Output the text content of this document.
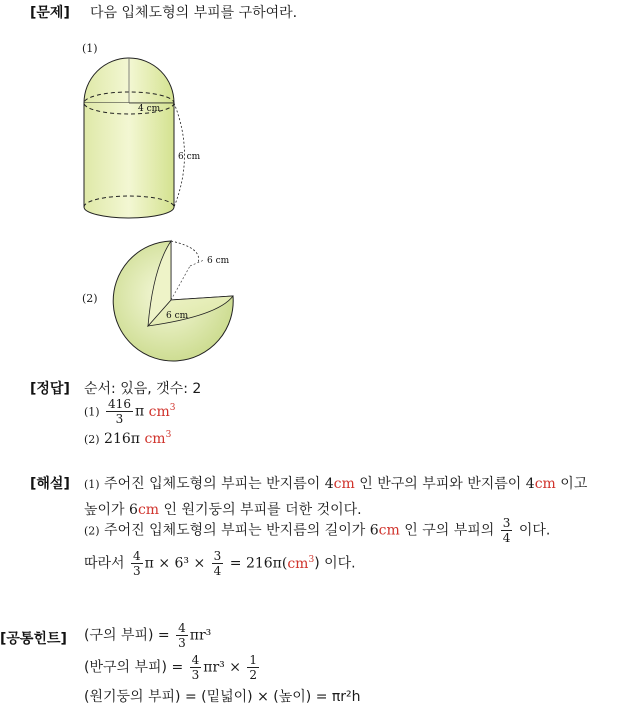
[문제] 다음 입체도형의 부피를 구하여라.
(1)
4 cm
6 cm
(2)
6 cm
6 cm
[정답] 순서: 있음, 갯수: 2
$(1) \frac{416}{3}$ π $cm^3$
(2) 216π $cm^3$
[해설] (1) 주어진 입체도형의 부피는 반지름이 4cm 인 반구의 부피와 반지름이 4cm 이고
높이가 6cm 인 원기둥의 부피를 더한 것이다.
(2) 주어진 입체도형의 부피는 반지름의 길이가 6cm 인 구의 부피의 $\frac{3}{4}$ 이다.
따라서 $\frac{4}{3}$ $\pi \times 6^3 \times \frac{3}{4} = 216\pi(cm^3)$ 이다.
[공통힌트] (구의 부피) = $\frac{4}{3} \pi r^3$
(반구의 부피) = $\frac{4}{3} \pi r^3 \times \frac{1}{2}$
(원기둥의 부피) = (밑넓이) × (높이) = πr²h
